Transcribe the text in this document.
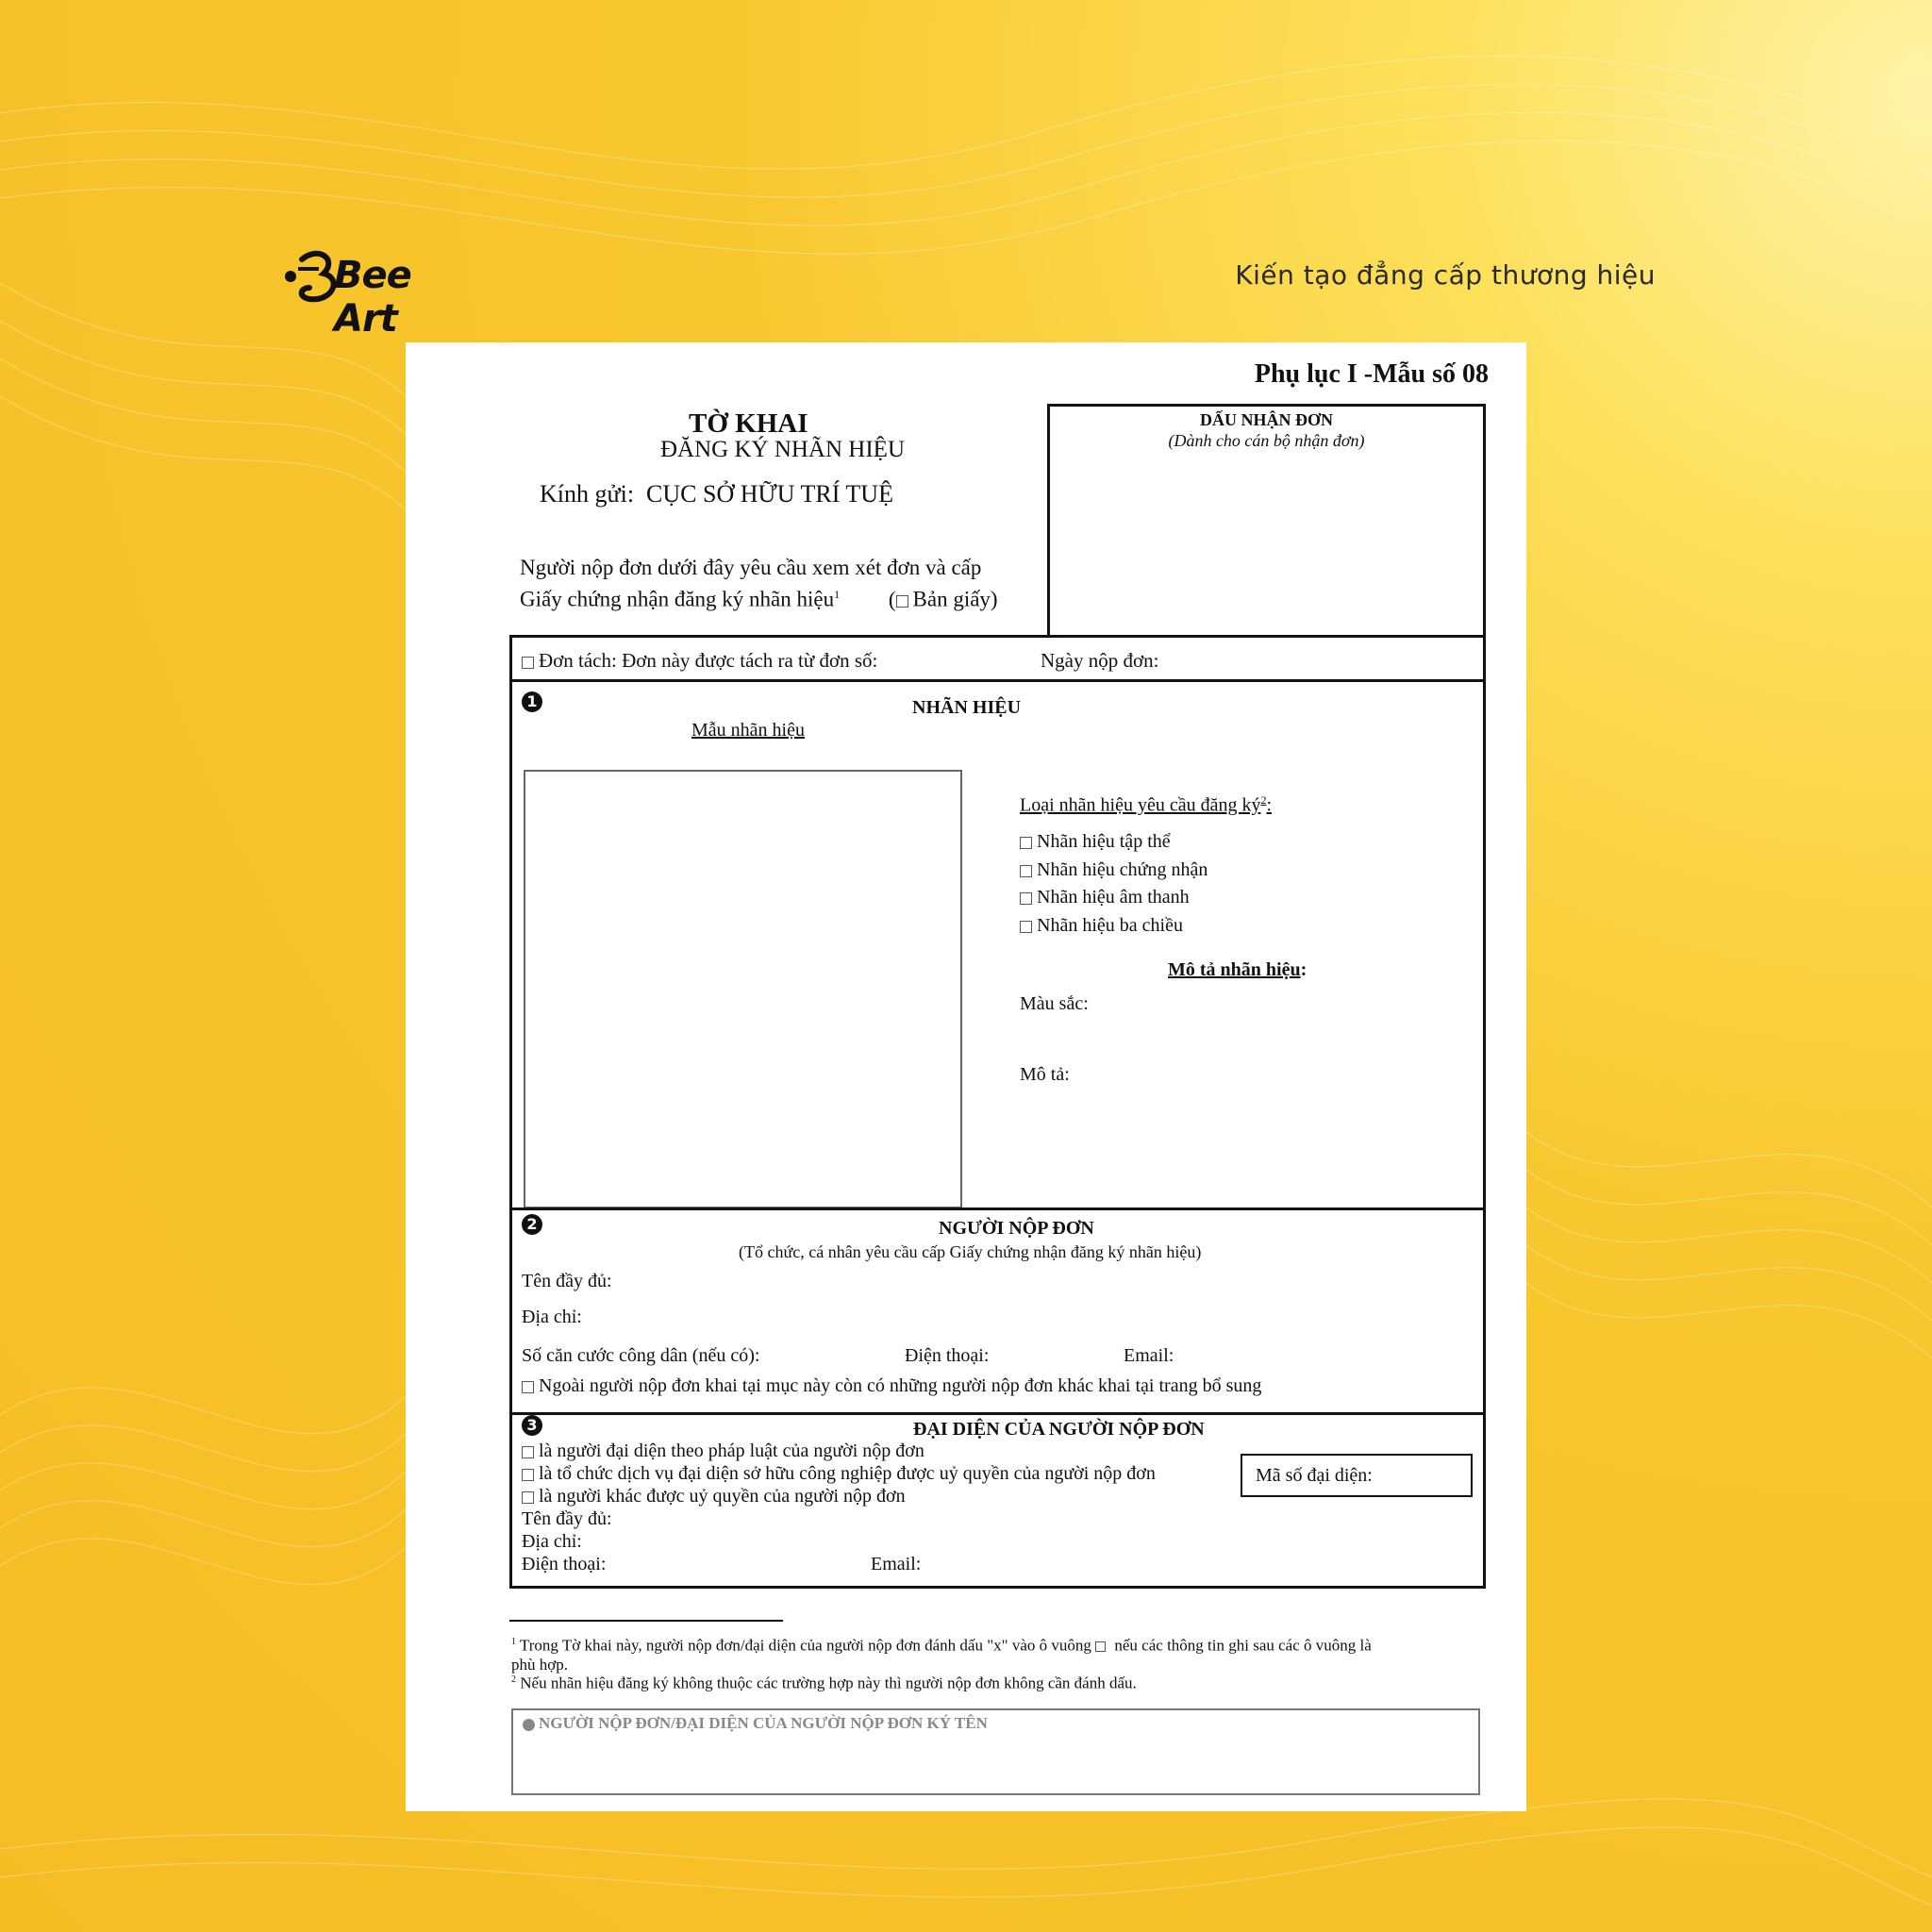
Bee Art
Kiến tạo đẳng cấp thương hiệu
Phụ lục I -Mẫu số 08
TỜ KHAI
ĐĂNG KÝ NHÃN HIỆU
Kính gửi: CỤC SỞ HỮU TRÍ TUỆ
Người nộp đơn dưới đây yêu cầu xem xét đơn và cấp
Giấy chứng nhận đăng ký nhãn hiệu$^1$ ( Bản giấy)
DẤU NHẬN ĐƠN
(Dành cho cán bộ nhận đơn)
Đơn tách: Đơn này được tách ra từ đơn số:	Ngày nộp đơn:
1	NHÃN HIỆU
Mẫu nhãn hiệu
Loại nhãn hiệu yêu cầu đăng $ký^2$:
Nhãn hiệu tập thể
Nhãn hiệu chứng nhận
Nhãn hiệu âm thanh
Nhãn hiệu ba chiều
Mô tả nhãn hiệu:
Màu sắc:
Mô tả:
2	NGƯỜI NỘP ĐƠN
(Tổ chức, cá nhân yêu cầu cấp Giấy chứng nhận đăng ký nhãn hiệu)
Tên đầy đủ:
Địa chỉ:
Số căn cước công dân (nếu có):	Điện thoại:	Email:
Ngoài người nộp đơn khai tại mục này còn có những người nộp đơn khác khai tại trang bổ sung
3	ĐẠI DIỆN CỦA NGƯỜI NỘP ĐƠN
là người đại diện theo pháp luật của người nộp đơn
là tổ chức dịch vụ đại diện sở hữu công nghiệp được uỷ quyền của người nộp đơn
là người khác được uỷ quyền của người nộp đơn
Mã số đại diện:
Tên đầy đủ:
Địa chỉ:
Điện thoại:	Email:
$^1$ Trong Tờ khai này, người nộp đơn/đại diện của người nộp đơn đánh dấu "x" vào ô vuông nếu các thông tin ghi sau các ô vuông là
phù hợp.
$^2$ Nếu nhãn hiệu đăng ký không thuộc các trường hợp này thì người nộp đơn không cần đánh dấu.
NGƯỜI NỘP ĐƠN/ĐẠI DIỆN CỦA NGƯỜI NỘP ĐƠN KÝ TÊN
